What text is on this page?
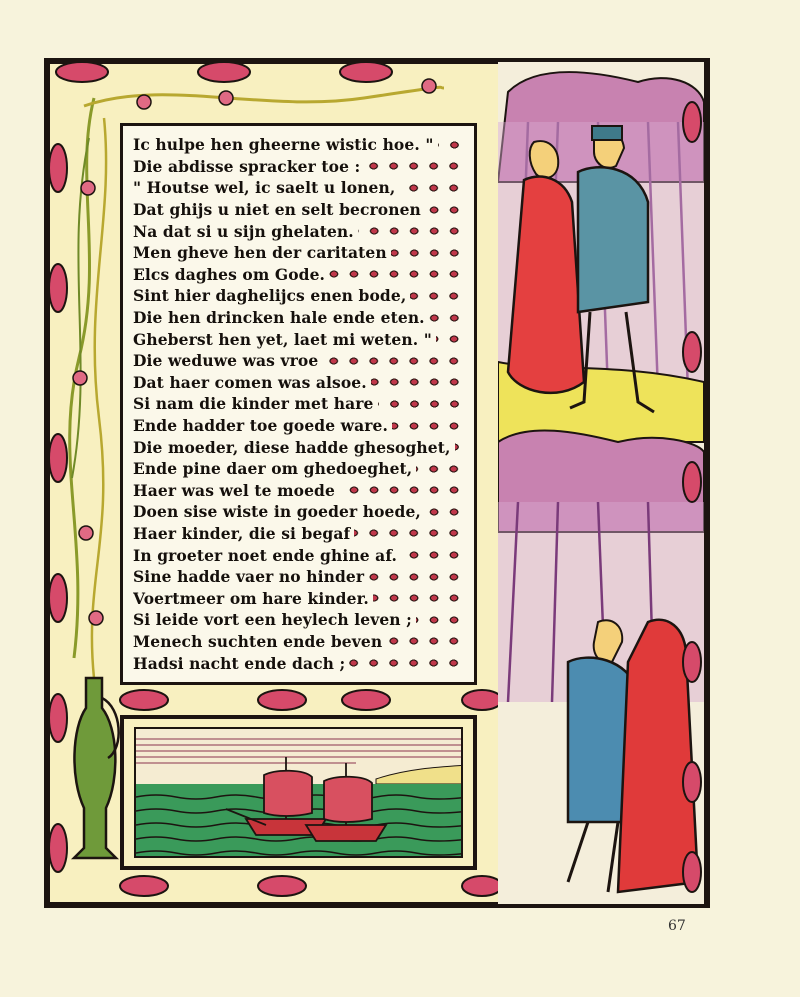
Ic hulpe hen gheerne wistic hoe. "
Die abdisse spracker toe :
" Houtse wel, ic saelt u lonen,
Dat ghijs u niet en selt becronen
Na dat si u sijn ghelaten.
Men gheve hen der caritaten
Elcs daghes om Gode.
Sint hier daghelijcs enen bode,
Die hen drincken hale ende eten.
Gheberst hen yet, laet mi weten. "
Die weduwe was vroe
Dat haer comen was alsoe.
Si nam die kinder met hare
Ende hadder toe goede ware.
Die moeder, diese hadde ghesoghet,
Ende pine daer om ghedoeghet,
Haer was wel te moede
Doen sise wiste in goeder hoede,
Haer kinder, die si begaf
In groeter noet ende ghine af.
Sine hadde vaer no hinder
Voertmeer om hare kinder.
Si leide vort een heylech leven ;
Menech suchten ende beven
Hadsi nacht ende dach ;
67
